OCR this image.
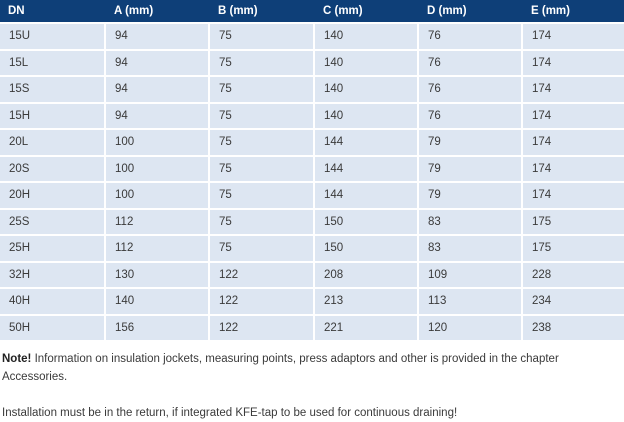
DN	A (mm)	B (mm)	C (mm)	D (mm)	E (mm)
15U	94	75	140	76	174
15L	94	75	140	76	174
15S	94	75	140	76	174
15H	94	75	140	76	174
20L	100	75	144	79	174
20S	100	75	144	79	174
20H	100	75	144	79	174
25S	112	75	150	83	175
25H	112	75	150	83	175
32H	130	122	208	109	228
40H	140	122	213	113	234
50H	156	122	221	120	238
Note! Information on insulation jockets, measuring points, press adaptors and other is provided in the chapter Accessories.
Installation must be in the return, if integrated KFE-tap to be used for continuous draining!
